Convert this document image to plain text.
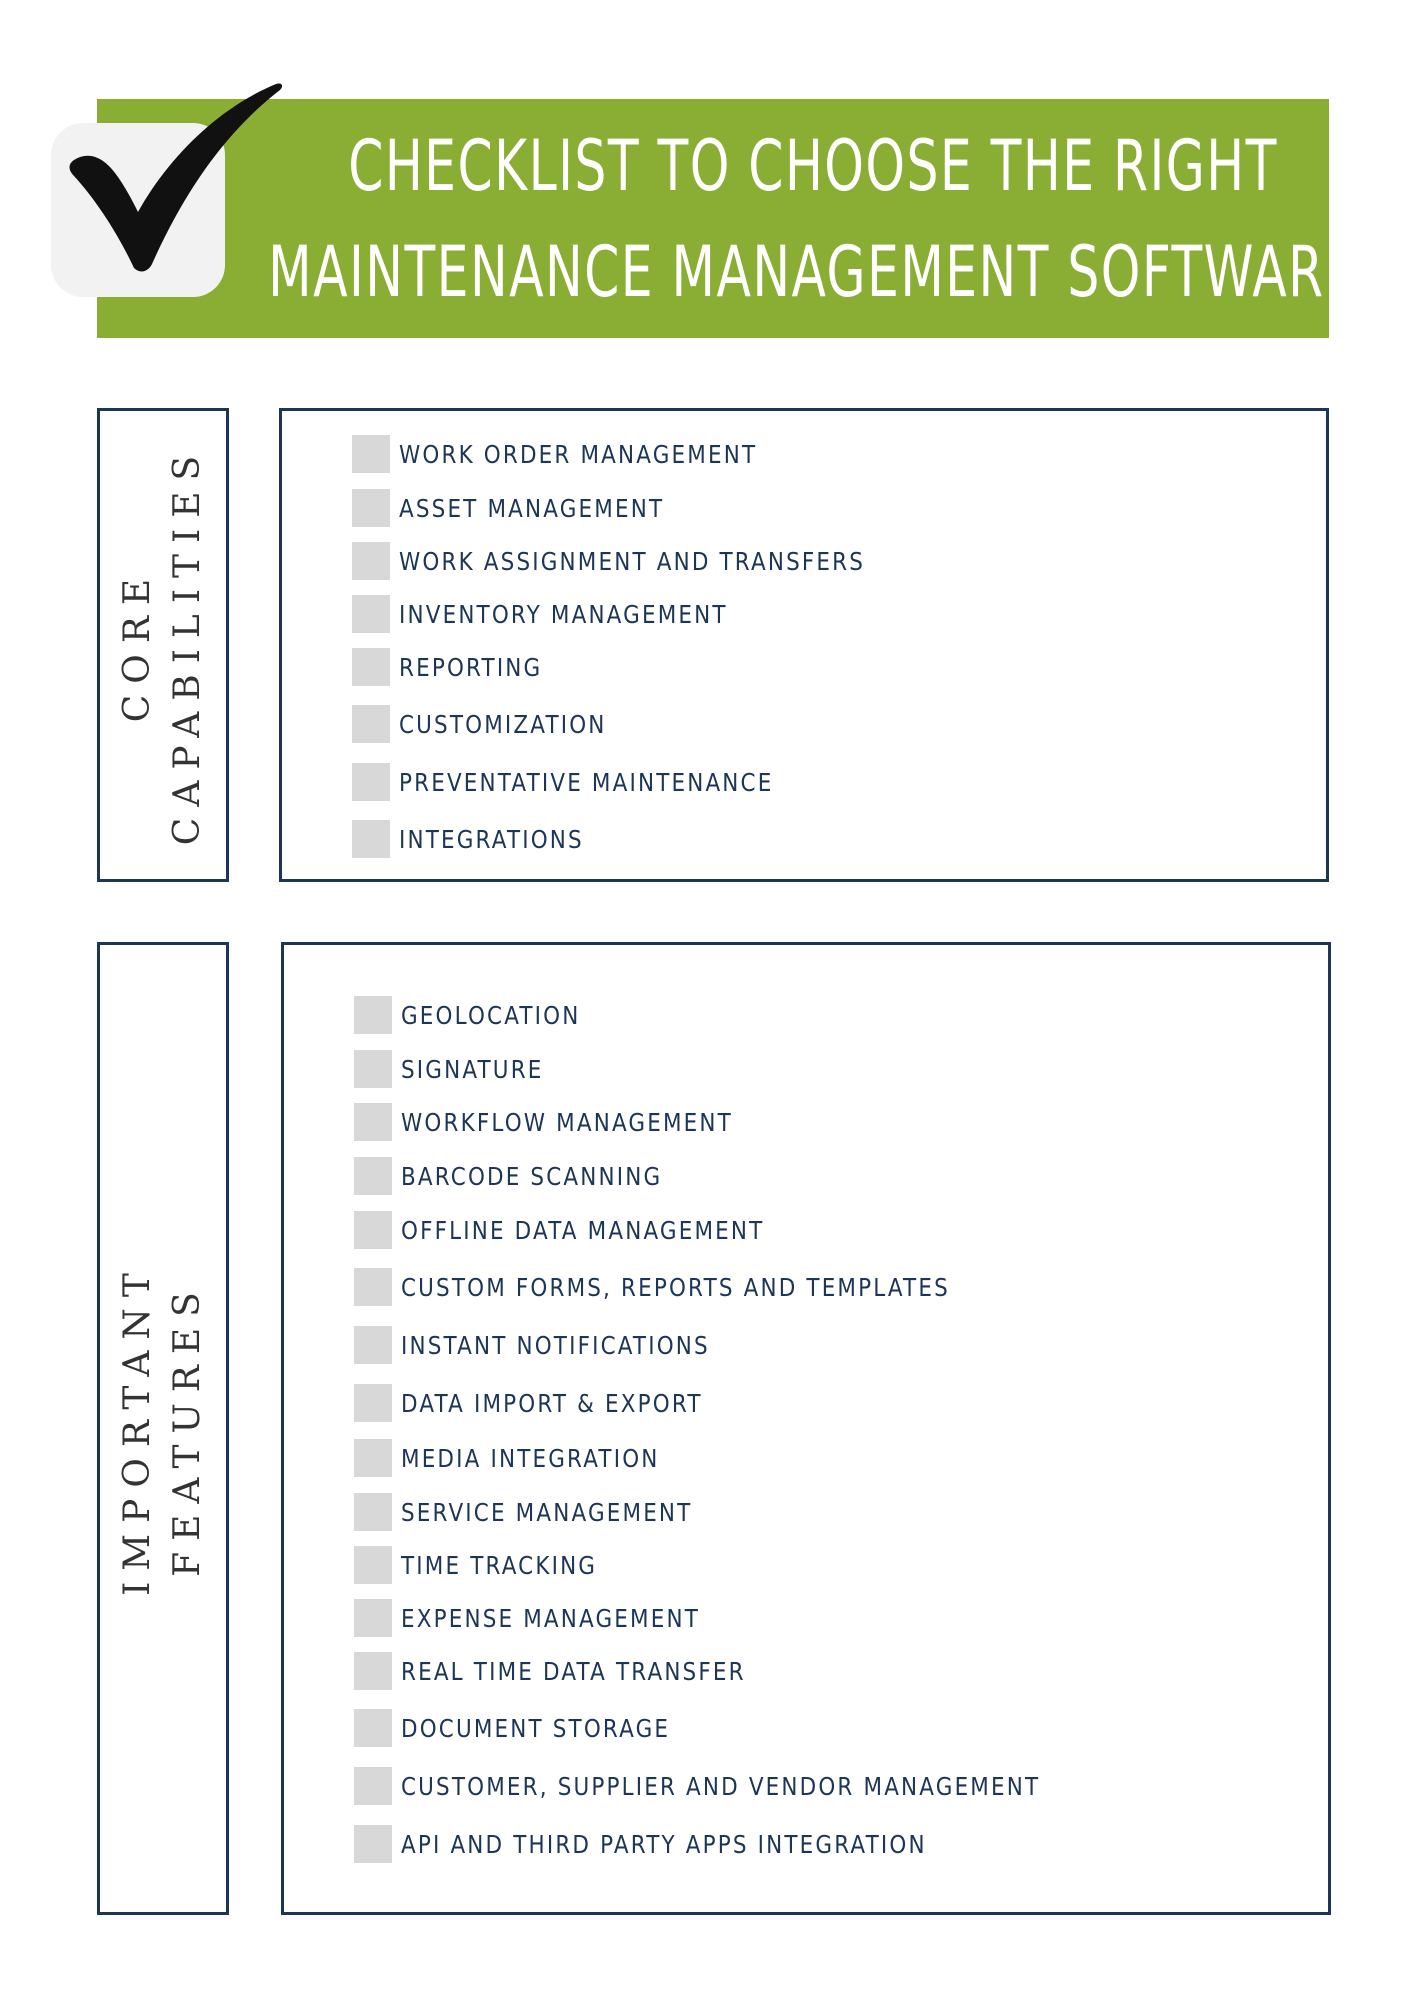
CHECKLIST TO CHOOSE THE RIGHT
MAINTENANCE MANAGEMENT SOFTWARE
CORE CAPABILITIES	WORK ORDER MANAGEMENT
ASSET MANAGEMENT
WORK ASSIGNMENT AND TRANSFERS
INVENTORY MANAGEMENT
REPORTING
CUSTOMIZATION
PREVENTATIVE MAINTENANCE
INTEGRATIONS
IMPORTANT FEATURES
GEOLOCATION
SIGNATURE
WORKFLOW MANAGEMENT
BARCODE SCANNING
OFFLINE DATA MANAGEMENT
CUSTOM FORMS, REPORTS AND TEMPLATES
INSTANT NOTIFICATIONS
DATA IMPORT & EXPORT
MEDIA INTEGRATION
SERVICE MANAGEMENT
TIME TRACKING
EXPENSE MANAGEMENT
REAL TIME DATA TRANSFER
DOCUMENT STORAGE
CUSTOMER, SUPPLIER AND VENDOR MANAGEMENT
API AND THIRD PARTY APPS INTEGRATION
